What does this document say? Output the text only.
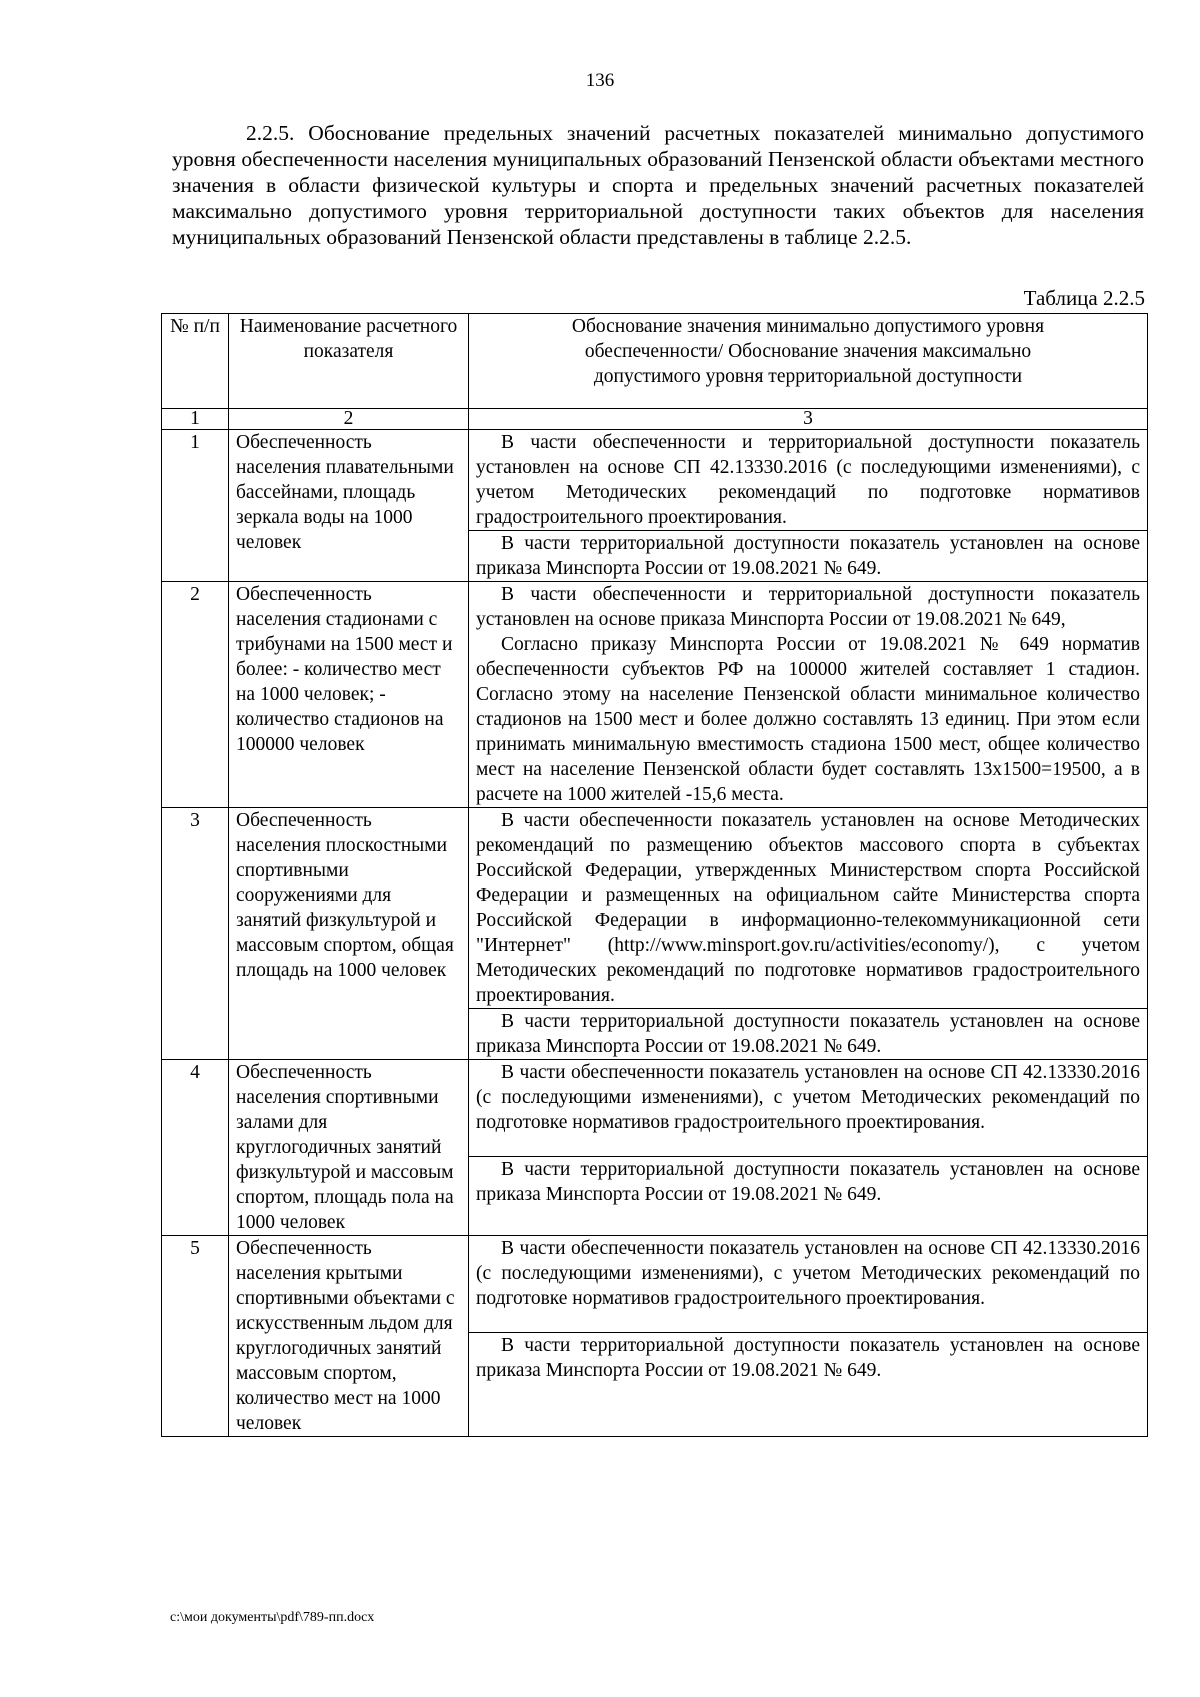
136

2.2.5. Обоснование предельных значений расчетных показателей минимально допустимого уровня обеспеченности населения муниципальных образований Пензенской области объектами местного значения в области физической культуры и спорта и предельных значений расчетных показателей максимально допустимого уровня территориальной доступности таких объектов для населения муниципальных образований Пензенской области представлены в таблице 2.2.5.

Таблица 2.2.5
№ п/п	Наименование расчетного показателя	Обоснование значения минимально допустимого уровня обеспеченности/ Обоснование значения максимально допустимого уровня территориальной доступности
1	2	3
1	Обеспеченность населения плавательными бассейнами, площадь зеркала воды на 1000 человек	В части обеспеченности и территориальной доступности показатель установлен на основе СП 42.13330.2016 (с последующими изменениями), с учетом Методических рекомендаций по подготовке нормативов градостроительного проектирования.

		В части территориальной доступности показатель установлен на основе приказа Минспорта России от 19.08.2021 № 649.

2	Обеспеченность населения стадионами с трибунами на 1500 мест и более: - количество мест на 1000 человек; - количество стадионов на 100000 человек	В части обеспеченности и территориальной доступности показатель установлен на основе приказа Минспорта России от 19.08.2021 № 649,

Согласно приказу Минспорта России от 19.08.2021 № 649 норматив обеспеченности субъектов РФ на 100000 жителей составляет 1 стадион. Согласно этому на население Пензенской области минимальное количество стадионов на 1500 мест и более должно составлять 13 единиц. При этом если принимать минимальную вместимость стадиона 1500 мест, общее количество мест на население Пензенской области будет составлять 13х1500=19500, а в расчете на 1000 жителей -15,6 места.

3	Обеспеченность населения плоскостными спортивными сооружениями для занятий физкультурой и массовым спортом, общая площадь на 1000 человек	В части обеспеченности показатель установлен на основе Методических рекомендаций по размещению объектов массового спорта в субъектах Российской Федерации, утвержденных Министерством спорта Российской Федерации и размещенных на официальном сайте Министерства спорта Российской Федерации в информационно-телекоммуникационной сети "Интернет" (http://www.minsport.gov.ru/activities/economy/), с учетом Методических рекомендаций по подготовке нормативов градостроительного проектирования.

		В части территориальной доступности показатель установлен на основе приказа Минспорта России от 19.08.2021 № 649.

4	Обеспеченность населения спортивными залами для круглогодичных занятий физкультурой и массовым спортом, площадь пола на 1000 человек	В части обеспеченности показатель установлен на основе СП 42.13330.2016 (с последующими изменениями), с учетом Методических рекомендаций по подготовке нормативов градостроительного проектирования.

		В части территориальной доступности показатель установлен на основе приказа Минспорта России от 19.08.2021 № 649.

5	Обеспеченность населения крытыми спортивными объектами с искусственным льдом для круглогодичных занятий массовым спортом, количество мест на 1000 человек	В части обеспеченности показатель установлен на основе СП 42.13330.2016 (с последующими изменениями), с учетом Методических рекомендаций по подготовке нормативов градостроительного проектирования.

		В части территориальной доступности показатель установлен на основе приказа Минспорта России от 19.08.2021 № 649.

c:\мои документы\pdf\789-пп.docx
